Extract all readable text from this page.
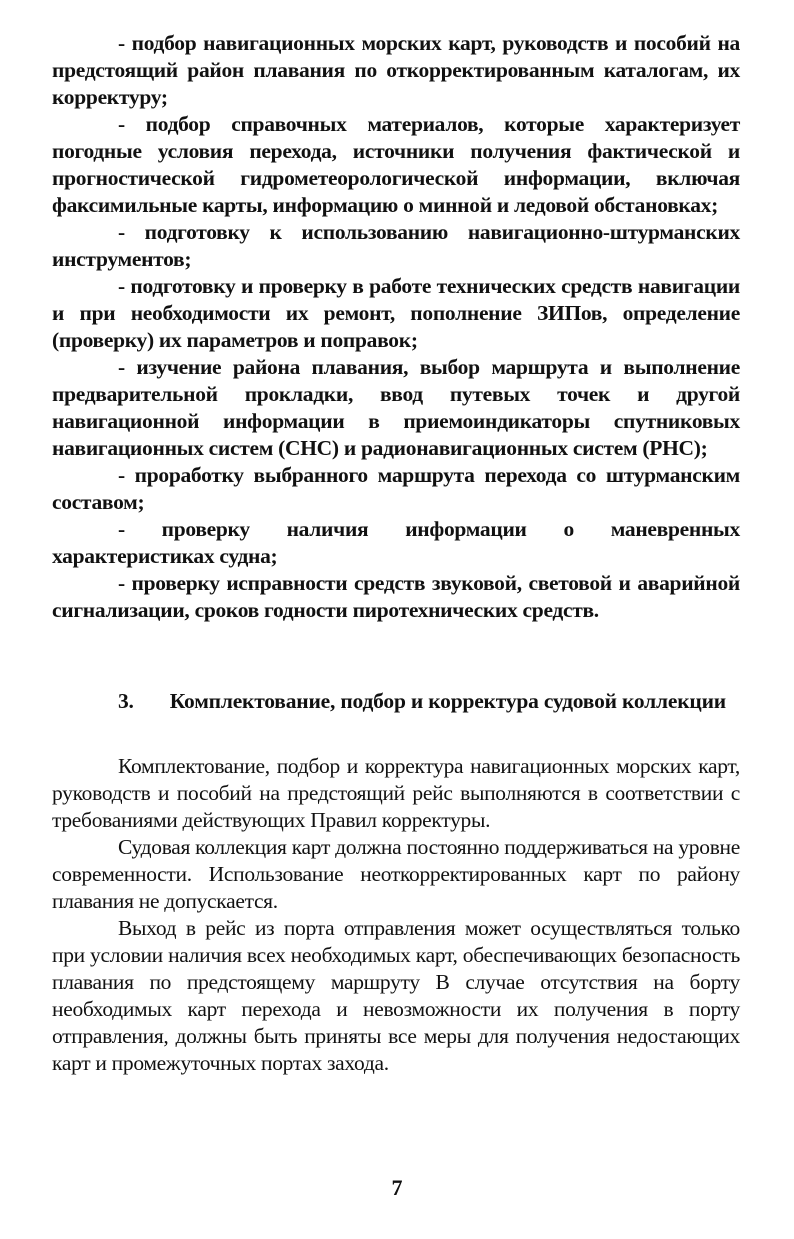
- подбор навигационных морских карт, руководств и пособий на предстоящий район плавания по откорректированным каталогам, их корректуру;

- подбор справочных материалов, которые характеризует погодные условия перехода, источники получения фактической и прогностической гидрометеорологической информации, включая факсимильные карты, информацию о минной и ледовой обстановках;

- подготовку к использованию навигационно-штурманских инструментов;

- подготовку и проверку в работе технических средств навигации и при необходимости их ремонт, пополнение ЗИПов, определение (проверку) их параметров и поправок;

- изучение района плавания, выбор маршрута и выполнение предварительной прокладки, ввод путевых точек и другой навигационной информации в приемоиндикаторы спутниковых навигационных систем (СНС) и радионавигационных систем (РНС);

- проработку выбранного маршрута перехода со штурманским составом;

- проверку наличия информации о маневренных характеристиках судна;

- проверку исправности средств звуковой, световой и аварийной сигнализации, сроков годности пиротехнических средств.

3. Комплектование, подбор и корректура судовой коллекции

Комплектование, подбор и корректура навигационных морских карт, руководств и пособий на предстоящий рейс выполняются в соответствии с требованиями действующих Правил корректуры.

Судовая коллекция карт должна постоянно поддерживаться на уровне современности. Использование неоткорректированных карт по району плавания не допускается.

Выход в рейс из порта отправления может осуществляться только при условии наличия всех необходимых карт, обеспечивающих безопасность плавания по предстоящему маршруту В случае отсутствия на борту необходимых карт перехода и невозможности их получения в порту отправления, должны быть приняты все меры для получения недостающих карт и промежуточных портах захода.

7
